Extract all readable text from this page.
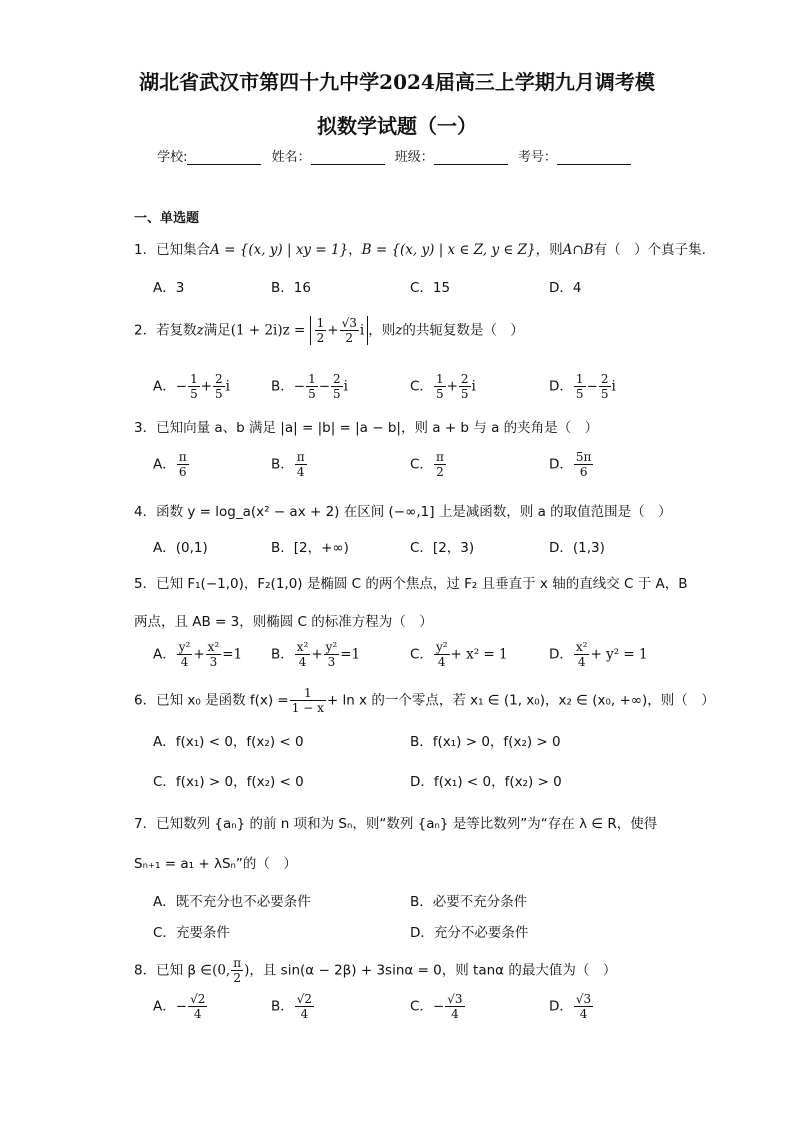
湖北省武汉市第四十九中学2024届高三上学期九月调考模
拟数学试题（一）
学校:	姓名：	班级：	考号：
一、单选题
1．已知集合A = {(x, y) | xy = 1}，B = {(x, y) | x ∈ Z, y ∈ Z}，则A∩B有（　）个真子集.
A．3	B．16	C．15	D．4
2．若复数z满足$(1 + 2i)z = \frac{1}{2} + \frac{√3}{2}$ i ，则z的共轭复数是（　）
A．− $\frac{1}{5} + \frac{2}{5}$ i	B．− $\frac{1}{5} - \frac{2}{5}$ i	C． $\frac{1}{5} + \frac{2}{5}$ i	D． $\frac{1}{5} - \frac{2}{5}$ i
3．已知向量 a、b 满足 |a| = |b| = |a − b|，则 a + b 与 a 的夹角是（　）
A． $\frac{\pi}{6}$	B． $\frac{\pi}{4}$	C． $\frac{\pi}{2}$	D． $\frac{5\pi}{6}$
4．函数 y = log_a(x² − ax + 2) 在区间 (−∞,1] 上是减函数，则 a 的取值范围是（　）
A．(0,1)	B．[2，+∞)	C．[2，3)	D．(1,3)
5．已知 F₁(−1,0)，F₂(1,0) 是椭圆 C 的两个焦点，过 F₂ 且垂直于 x 轴的直线交 C 于 A，B
两点，且 AB = 3，则椭圆 C 的标准方程为（　）
A． $\frac{\text{y²}}{4} + \frac{\text{x²}}{3} =1$ B． $\frac{\text{x²}}{4} + \frac{\text{y²}}{3} =1$	C． $\frac{\text{y²}}{4} + x^2 = 1$	D． $\frac{\text{x²}}{4} + y^2 = 1$
6．已知 x₀ 是函数 $f(x) = \frac{1}{1 - x} + \ln x$ 的一个零点，若 x₁ ∈ (1, x₀)，x₂ ∈ (x₀, +∞)，则（　）
A．f(x₁) < 0，f(x₂) < 0	B．f(x₁) > 0，f(x₂) > 0
C．f(x₁) > 0，f(x₂) < 0	D．f(x₁) < 0，f(x₂) > 0
7．已知数列 {aₙ} 的前 n 项和为 Sₙ，则“数列 {aₙ} 是等比数列”为“存在 λ ∈ R，使得
Sₙ₊₁ = a₁ + λSₙ”的（　）
A．既不充分也不必要条件	B．必要不充分条件
C．充要条件	D．充分不必要条件
8．已知 β ∈(0, $\frac{\pi}{2}$ )，且 sin(α − 2β) + 3sinα = 0，则 tanα 的最大值为（　）
A．− $\frac{√2}{4}$	B． $\frac{√2}{4}$	C．− $\frac{√3}{4}$	D． $\frac{√3}{4}$
